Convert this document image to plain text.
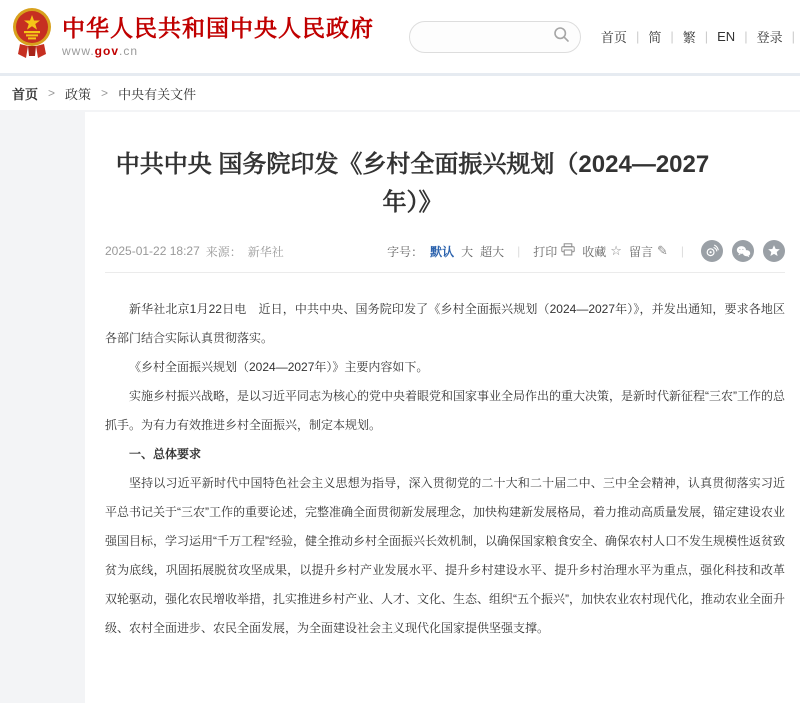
中华人民共和国中央人民政府
www.gov.cn
首页 | 简 | 繁 | EN | 登录 |
首页 > 政策 > 中央有关文件
中共中央 国务院印发《乡村全面振兴规划（2024—2027年）》
2025-01-22 18:27 来源： 新华社	字号： 默认 大 超大	|	打印 收藏 ☆ 留言 ✎	|

新华社北京1月22日电　近日，中共中央、国务院印发了《乡村全面振兴规划（2024—2027年）》，并发出通知，要求各地区各部门结合实际认真贯彻落实。

《乡村全面振兴规划（2024—2027年）》主要内容如下。

实施乡村振兴战略，是以习近平同志为核心的党中央着眼党和国家事业全局作出的重大决策，是新时代新征程“三农”工作的总抓手。为有力有效推进乡村全面振兴，制定本规划。

一、总体要求

坚持以习近平新时代中国特色社会主义思想为指导，深入贯彻党的二十大和二十届二中、三中全会精神，认真贯彻落实习近平总书记关于“三农”工作的重要论述，完整准确全面贯彻新发展理念，加快构建新发展格局，着力推动高质量发展，锚定建设农业强国目标，学习运用“千万工程”经验，健全推动乡村全面振兴长效机制，以确保国家粮食安全、确保农村人口不发生规模性返贫致贫为底线，巩固拓展脱贫攻坚成果，以提升乡村产业发展水平、提升乡村建设水平、提升乡村治理水平为重点，强化科技和改革双轮驱动，强化农民增收举措，扎实推进乡村产业、人才、文化、生态、组织“五个振兴”，加快农业农村现代化，推动农业全面升级、农村全面进步、农民全面发展，为全面建设社会主义现代化国家提供坚强支撑。
